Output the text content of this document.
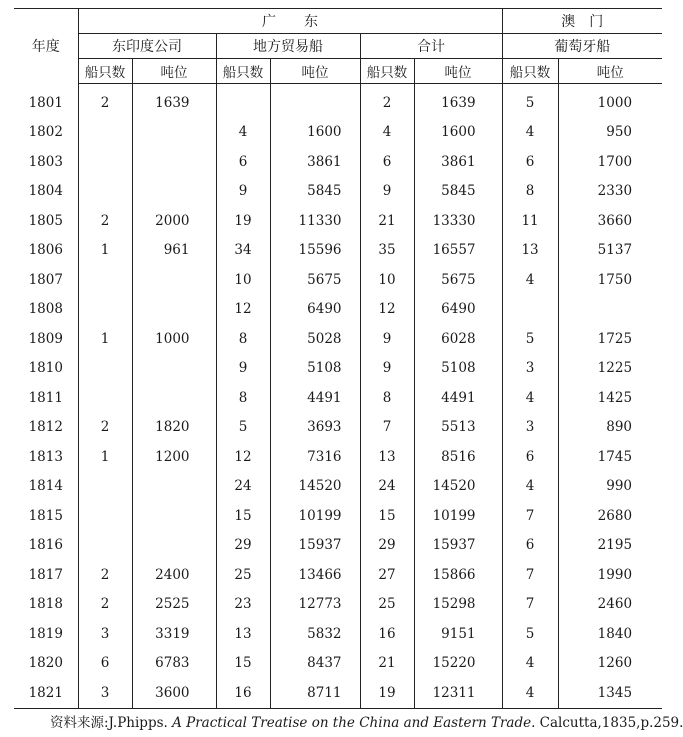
年度	广东						澳门	
	东印度公司		地方贸易船		合计		葡萄牙船	
	船只数	吨位	船只数	吨位	船只数	吨位	船只数	吨位
1801	2	1639			2	1639	5	1000
1802			4	1600	4	1600	4	950
1803			6	3861	6	3861	6	1700
1804			9	5845	9	5845	8	2330
1805	2	2000	19	11330	21	13330	11	3660
1806	1	961	34	15596	35	16557	13	5137
1807			10	5675	10	5675	4	1750
1808			12	6490	12	6490		
1809	1	1000	8	5028	9	6028	5	1725
1810			9	5108	9	5108	3	1225
1811			8	4491	8	4491	4	1425
1812	2	1820	5	3693	7	5513	3	890
1813	1	1200	12	7316	13	8516	6	1745
1814			24	14520	24	14520	4	990
1815			15	10199	15	10199	7	2680
1816			29	15937	29	15937	6	2195
1817	2	2400	25	13466	27	15866	7	1990
1818	2	2525	23	12773	25	15298	7	2460
1819	3	3319	13	5832	16	9151	5	1840
1820	6	6783	15	8437	21	15220	4	1260
1821	3	3600	16	8711	19	12311	4	1345
资料来源:J.Phipps. A Practical Treatise on the China and Eastern Trade. Calcutta,1835,p.259.
